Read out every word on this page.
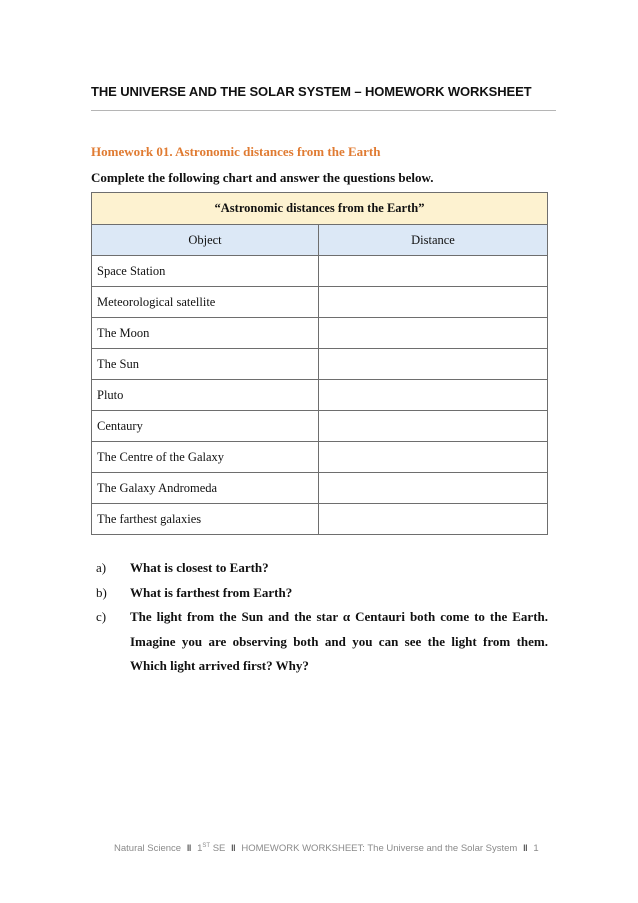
THE UNIVERSE AND THE SOLAR SYSTEM – HOMEWORK WORKSHEET
Homework 01. Astronomic distances from the Earth
Complete the following chart and answer the questions below.
“Astronomic distances from the Earth”	
Object	Distance
Space Station	
Meteorological satellite	
The Moon	
The Sun	
Pluto	
Centaury	
The Centre of the Galaxy	
The Galaxy Andromeda	
The farthest galaxies	
a) What is closest to Earth?
b) What is farthest from Earth?
c) The light from the Sun and the star α Centauri both come to the Earth. Imagine you are observing both and you can see the light from them. Which light arrived first? Why?
Natural Science ‖ 1ST SE ‖ HOMEWORK WORKSHEET: The Universe and the Solar System ‖ 1
